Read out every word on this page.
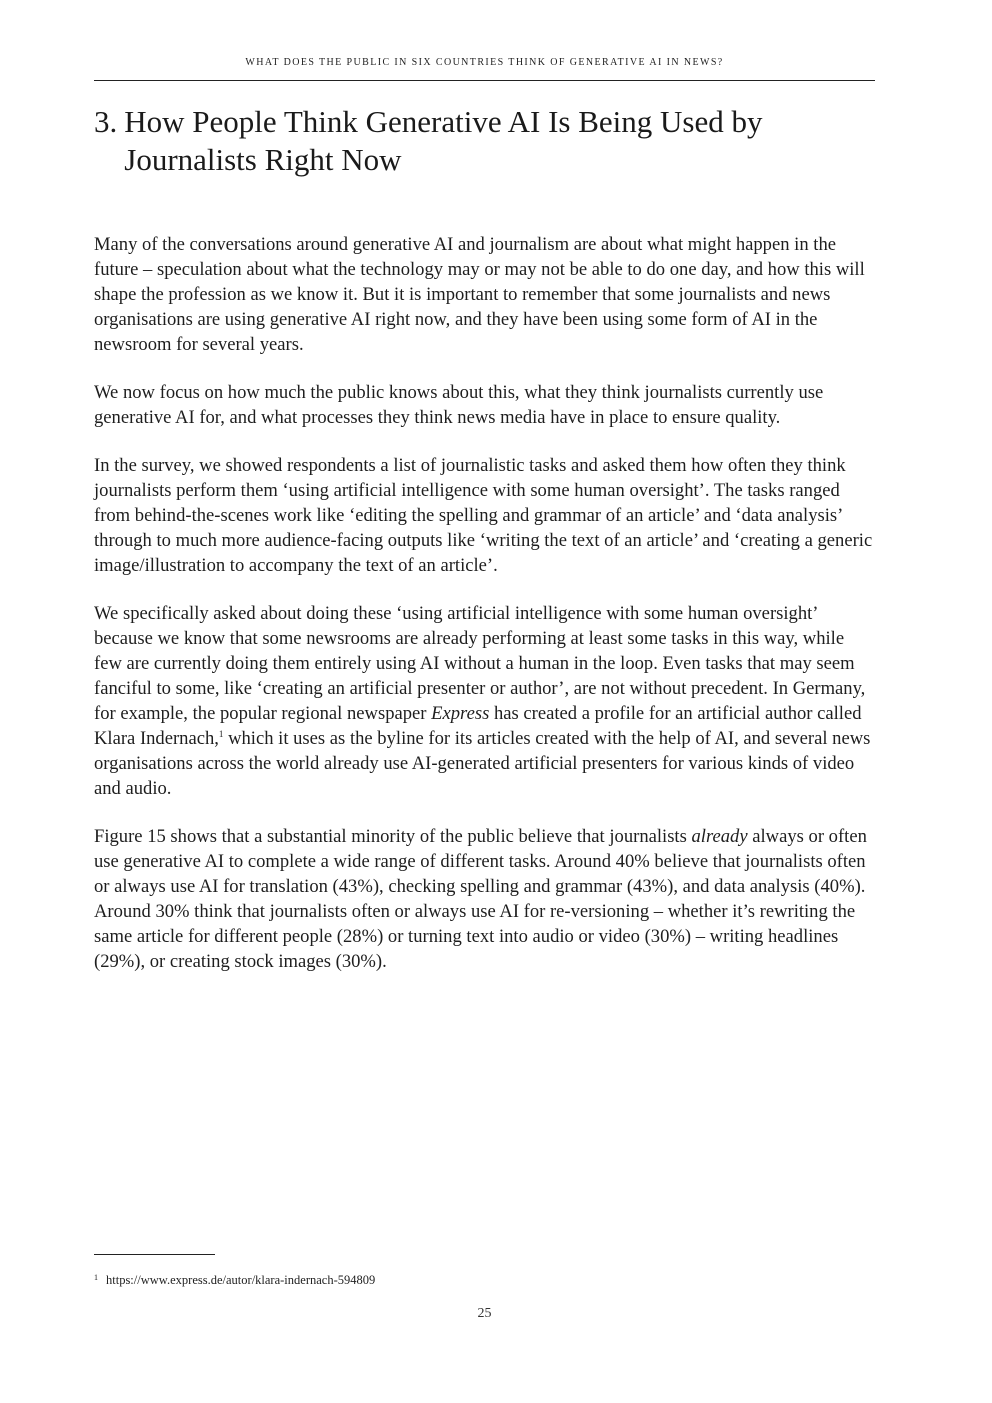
WHAT DOES THE PUBLIC IN SIX COUNTRIES THINK OF GENERATIVE AI IN NEWS?
3. How People Think Generative AI Is Being Used by Journalists Right Now

Many of the conversations around generative AI and journalism are about what might happen in the future – speculation about what the technology may or may not be able to do one day, and how this will shape the profession as we know it. But it is important to remember that some journalists and news organisations are using generative AI right now, and they have been using some form of AI in the newsroom for several years.

We now focus on how much the public knows about this, what they think journalists currently use generative AI for, and what processes they think news media have in place to ensure quality.

In the survey, we showed respondents a list of journalistic tasks and asked them how often they think journalists perform them ‘using artificial intelligence with some human oversight’. The tasks ranged from behind-the-scenes work like ‘editing the spelling and grammar of an article’ and ‘data analysis’ through to much more audience-facing outputs like ‘writing the text of an article’ and ‘creating a generic image/illustration to accompany the text of an article’.

We specifically asked about doing these ‘using artificial intelligence with some human oversight’ because we know that some newsrooms are already performing at least some tasks in this way, while few are currently doing them entirely using AI without a human in the loop. Even tasks that may seem fanciful to some, like ‘creating an artificial presenter or author’, are not without precedent. In Germany, for example, the popular regional newspaper Express has created a profile for an artificial author called Klara Indernach,$^1$ which it uses as the byline for its articles created with the help of AI, and several news organisations across the world already use AI-generated artificial presenters for various kinds of video and audio.

Figure 15 shows that a substantial minority of the public believe that journalists already always or often use generative AI to complete a wide range of different tasks. Around 40% believe that journalists often or always use AI for translation (43%), checking spelling and grammar (43%), and data analysis (40%). Around 30% think that journalists often or always use AI for re-versioning – whether it’s rewriting the same article for different people (28%) or turning text into audio or video (30%) – writing headlines (29%), or creating stock images (30%).

$^1$ https://www.express.de/autor/klara-indernach-594809
25
